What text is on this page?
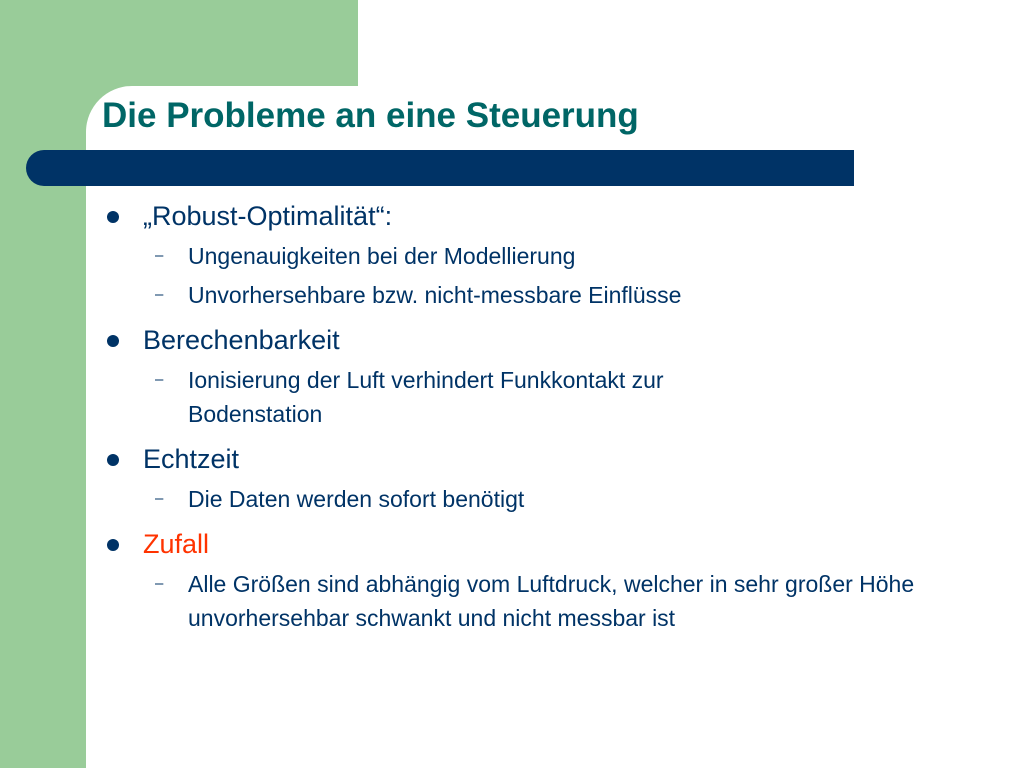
Die Probleme an eine Steuerung
„Robust-Optimalität“:
– Ungenauigkeiten bei der Modellierung
– Unvorhersehbare bzw. nicht-messbare Einflüsse
Berechenbarkeit
– Ionisierung der Luft verhindert Funkkontakt zur Bodenstation
Echtzeit
– Die Daten werden sofort benötigt
Zufall
– Alle Größen sind abhängig vom Luftdruck, welcher in sehr großer Höhe unvorhersehbar schwankt und nicht messbar ist
